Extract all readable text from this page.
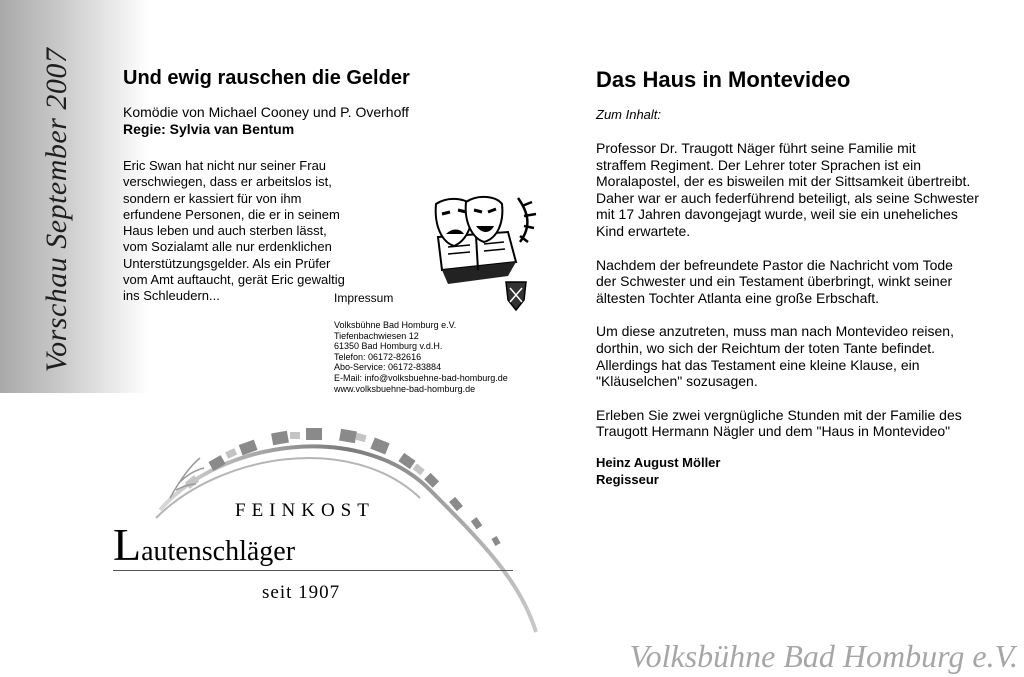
Vorschau September 2007	Und ewig rauschen die Gelder
Komödie von Michael Cooney und P. Overhoff
Regie: Sylvia van Bentum
Eric Swan hat nicht nur seiner Frau
verschwiegen, dass er arbeitslos ist,
sondern er kassiert für von ihm
erfundene Personen, die er in seinem
Haus leben und auch sterben lässt,
vom Sozialamt alle nur erdenklichen
Unterstützungsgelder. Als ein Prüfer
vom Amt auftaucht, gerät Eric gewaltig
ins Schleudern...	Impressum
Volksbühne Bad Homburg e.V.
Tiefenbachwiesen 12
61350 Bad Homburg v.d.H.
Telefon: 06172-82616
Abo-Service: 06172-83884
E-Mail: info@volksbuehne-bad-homburg.de
www.volksbuehne-bad-homburg.de
Das Haus in Montevideo
Zum Inhalt:
Professor Dr. Traugott Näger führt seine Familie mit
straffem Regiment. Der Lehrer toter Sprachen ist ein
Moralapostel, der es bisweilen mit der Sittsamkeit übertreibt.
Daher war er auch federführend beteiligt, als seine Schwester
mit 17 Jahren davongejagt wurde, weil sie ein uneheliches
Kind erwartete.
Nachdem der befreundete Pastor die Nachricht vom Tode
der Schwester und ein Testament überbringt, winkt seiner
ältesten Tochter Atlanta eine große Erbschaft.
Um diese anzutreten, muss man nach Montevideo reisen,
dorthin, wo sich der Reichtum der toten Tante befindet.
Allerdings hat das Testament eine kleine Klause, ein
"Kläuselchen" sozusagen.
Erleben Sie zwei vergnügliche Stunden mit der Familie des
Traugott Hermann Nägler und dem "Haus in Montevideo"
Heinz August Möller
Regisseur
FEINKOST
Lautenschläger
seit 1907
Volksbühne Bad Homburg e.V.
